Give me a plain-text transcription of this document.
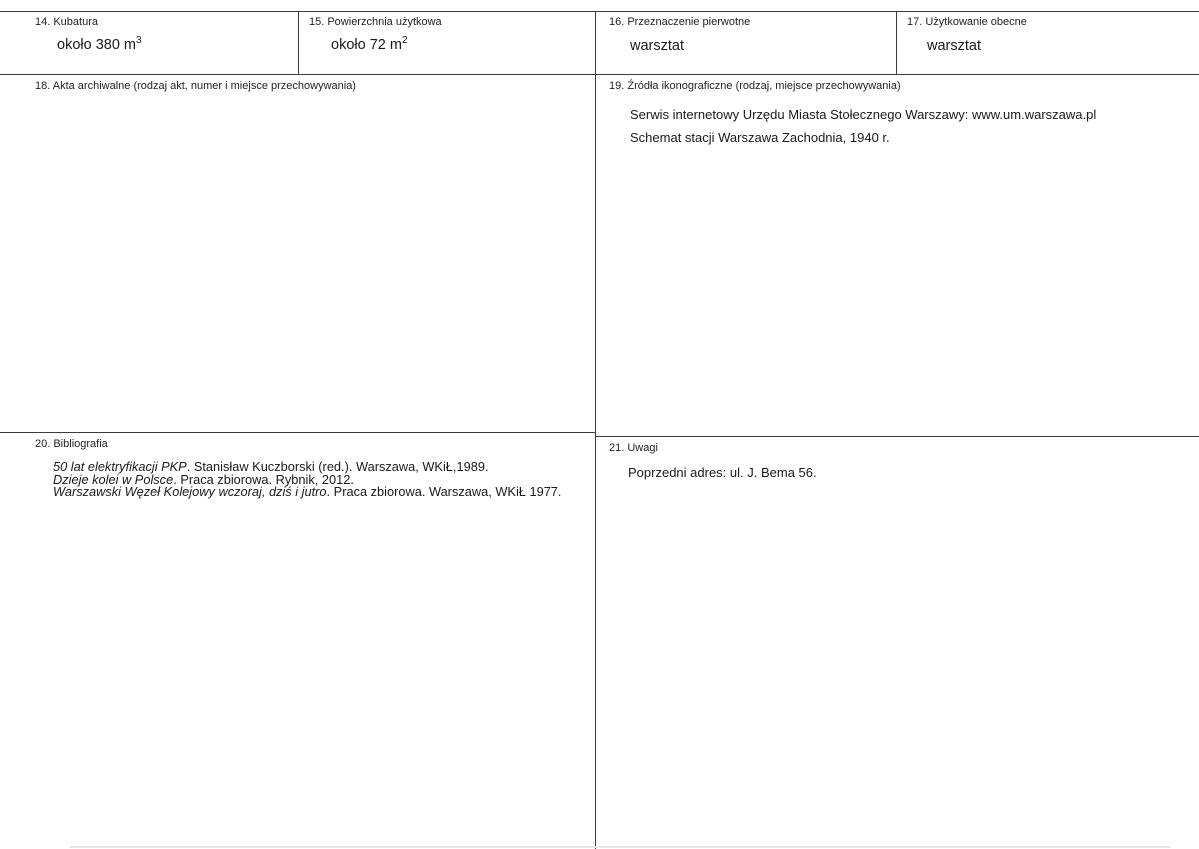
14. Kubatura
około 380 $m^3$
15. Powierzchnia użytkowa
około 72 $m^2$
16. Przeznaczenie pierwotne
warsztat
17. Użytkowanie obecne
warsztat
18. Akta archiwalne (rodzaj akt, numer i miejsce przechowywania)	19. Źródła ikonograficzne (rodzaj, miejsce przechowywania)
Serwis internetowy Urzędu Miasta Stołecznego Warszawy: www.um.warszawa.pl
Schemat stacji Warszawa Zachodnia, 1940 r.
20. Bibliografia
50 lat elektryfikacji PKP. Stanisław Kuczborski (red.). Warszawa, WKiŁ,1989.
Dzieje kolei w Polsce. Praca zbiorowa. Rybnik, 2012.
Warszawski Węzeł Kolejowy wczoraj, dziś i jutro. Praca zbiorowa. Warszawa, WKiŁ 1977.
21. Uwagi
Poprzedni adres: ul. J. Bema 56.
